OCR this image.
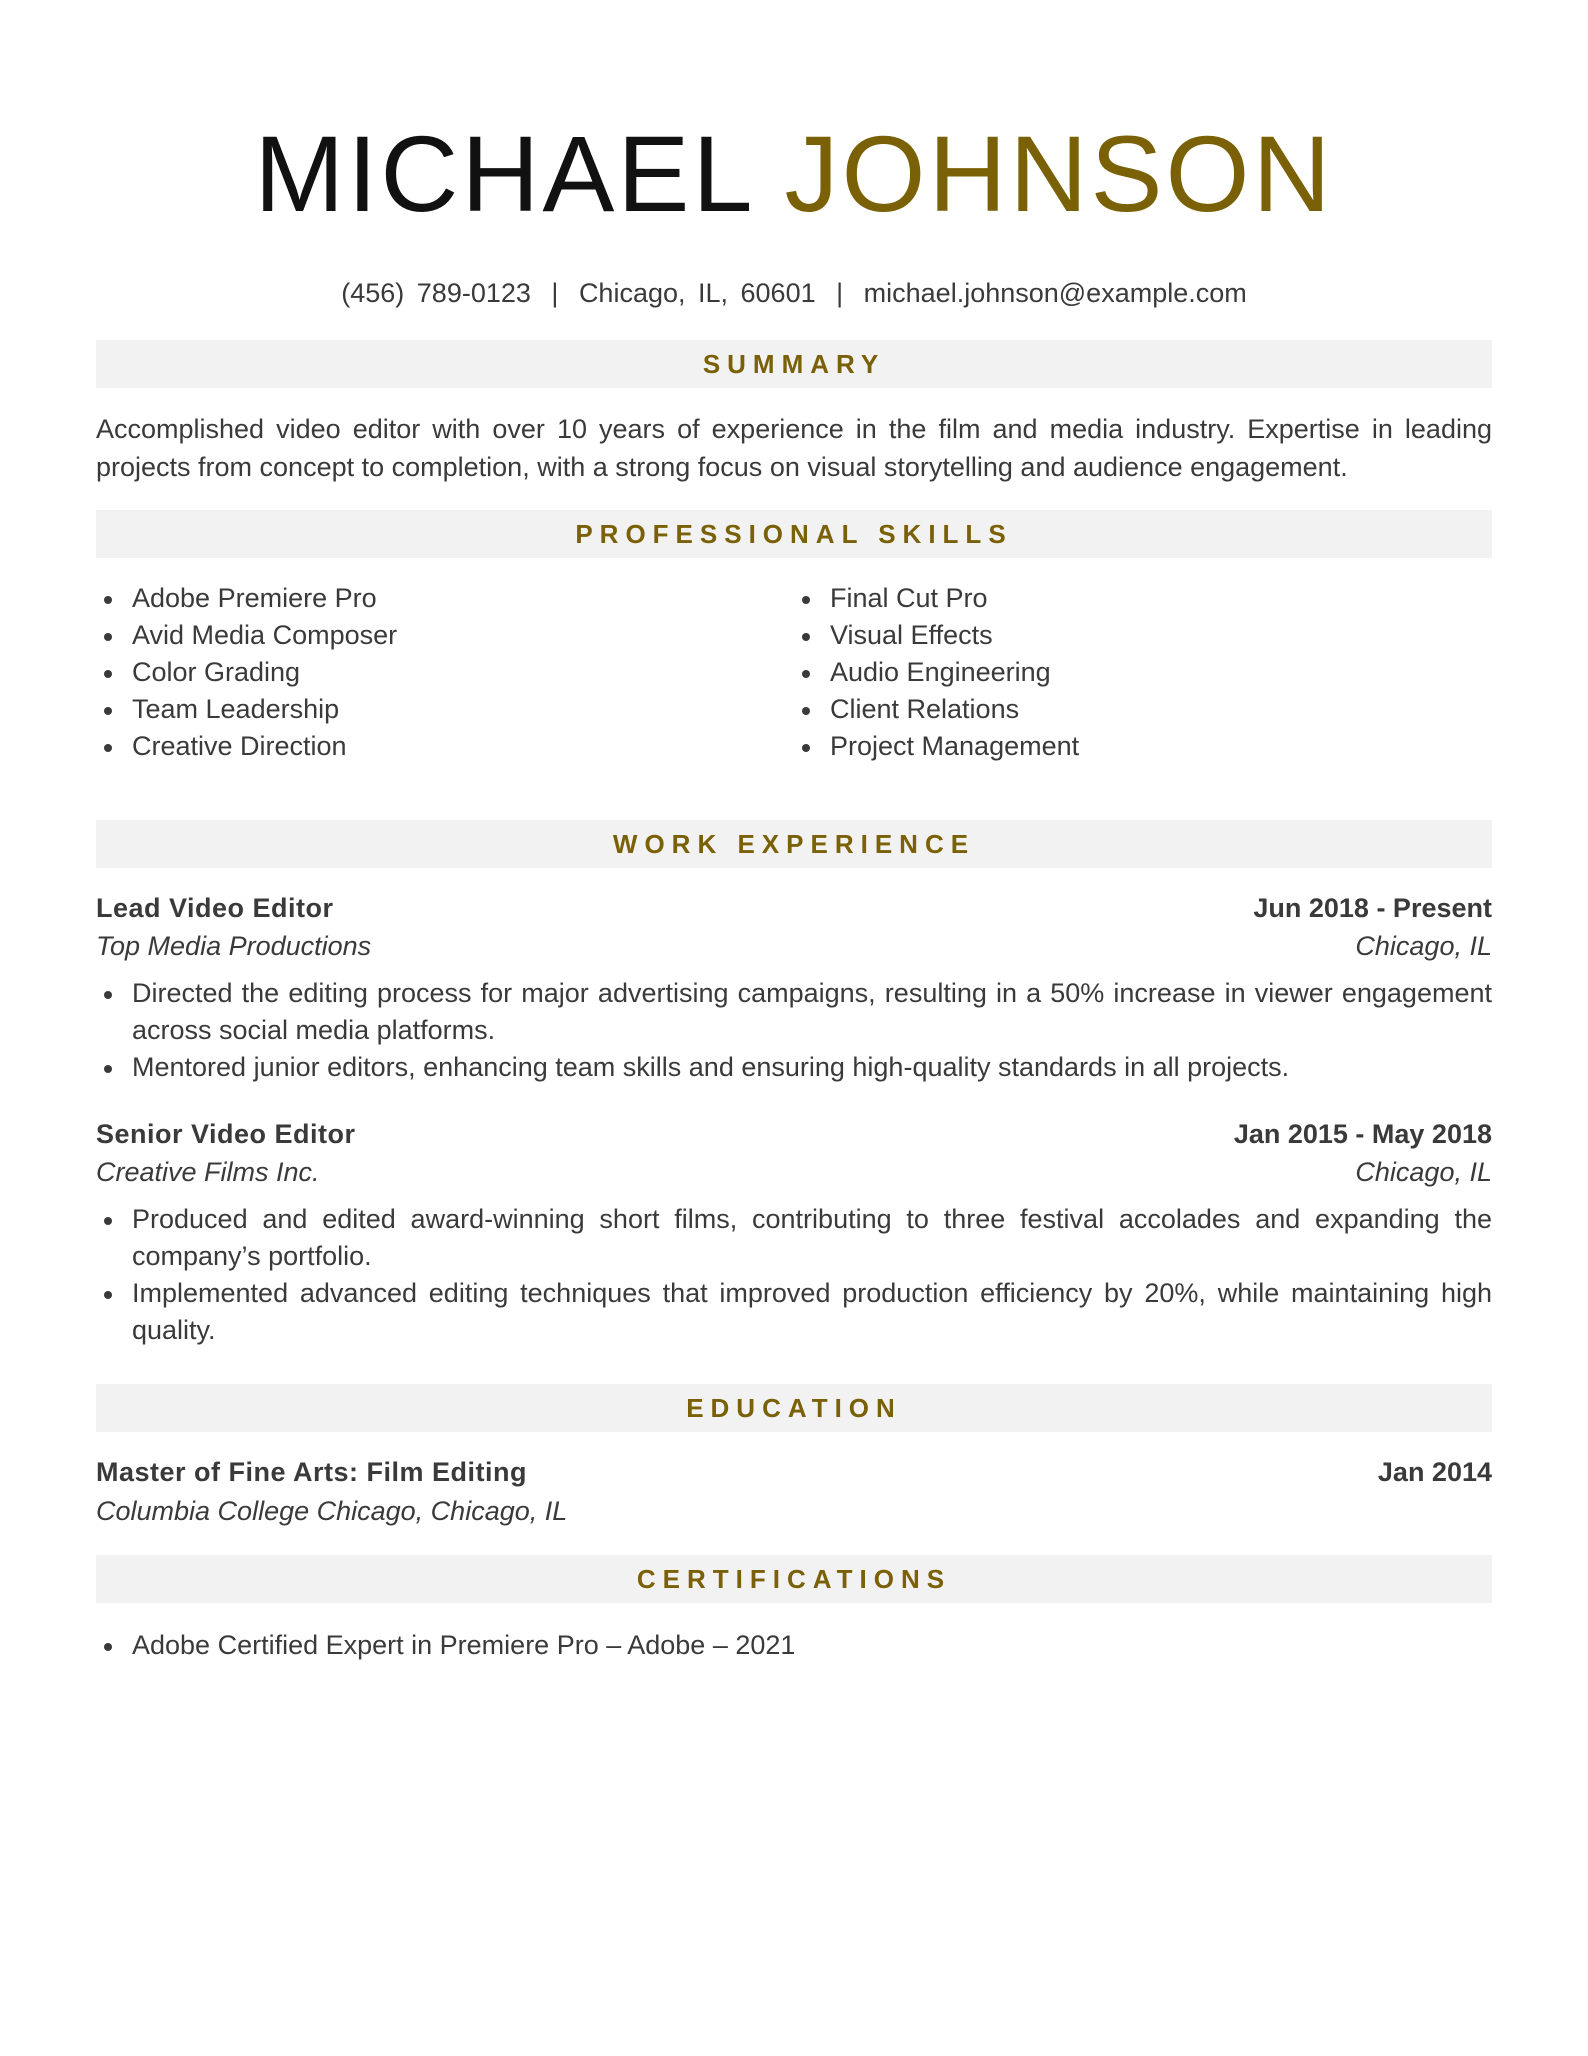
MICHAEL JOHNSON
(456) 789-0123 | Chicago, IL, 60601 | michael.johnson@example.com
SUMMARY

Accomplished video editor with over 10 years of experience in the film and media industry. Expertise in leading projects from concept to completion, with a strong focus on visual storytelling and audience engagement.

PROFESSIONAL SKILLS
Adobe Premiere Pro
Avid Media Composer
Color Grading
Team Leadership
Creative Direction
Final Cut Pro
Visual Effects
Audio Engineering
Client Relations
Project Management
WORK EXPERIENCE
Lead Video Editor	Jun 2018 - Present
Top Media Productions	Chicago, IL
Directed the editing process for major advertising campaigns, resulting in a 50% increase in viewer engagement across social media platforms.
Mentored junior editors, enhancing team skills and ensuring high-quality standards in all projects.
Senior Video Editor	Jan 2015 - May 2018
Creative Films Inc.	Chicago, IL
Produced and edited award-winning short films, contributing to three festival accolades and expanding the company’s portfolio.
Implemented advanced editing techniques that improved production efficiency by 20%, while maintaining high quality.
EDUCATION
Master of Fine Arts: Film Editing	Jan 2014
Columbia College Chicago, Chicago, IL
CERTIFICATIONS
Adobe Certified Expert in Premiere Pro – Adobe – 2021
